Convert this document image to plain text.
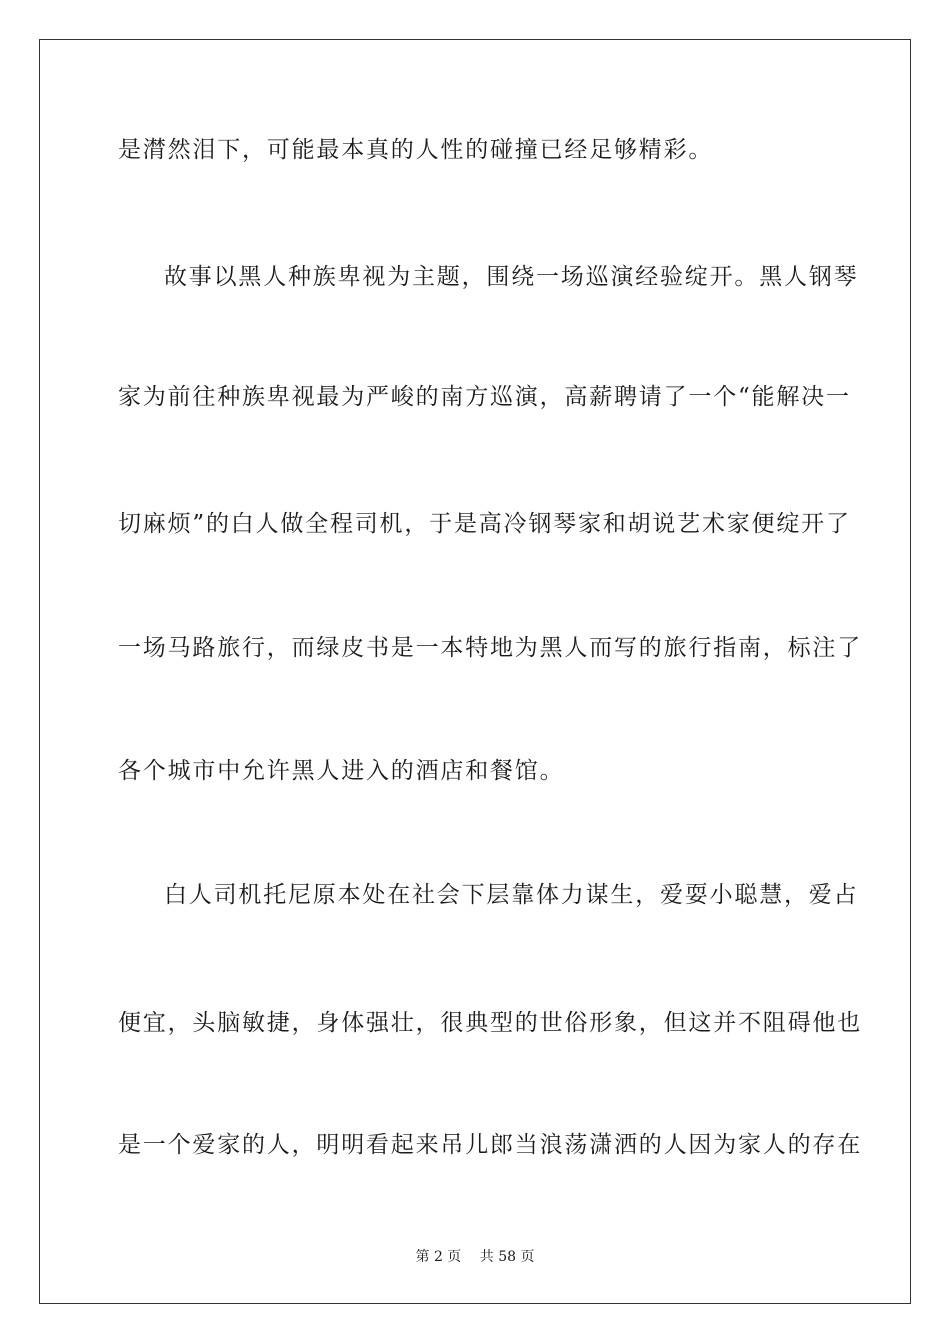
是潸然泪下，可能最本真的人性的碰撞已经足够精彩。
故事以黑人种族卑视为主题，围绕一场巡演经验绽开。黑人钢琴
家为前往种族卑视最为严峻的南方巡演，高薪聘请了一个“能解决一
切麻烦”的白人做全程司机，于是高冷钢琴家和胡说艺术家便绽开了
一场马路旅行，而绿皮书是一本特地为黑人而写的旅行指南，标注了
各个城市中允许黑人进入的酒店和餐馆。
白人司机托尼原本处在社会下层靠体力谋生，爱耍小聪慧，爱占
便宜，头脑敏捷，身体强壮，很典型的世俗形象，但这并不阻碍他也
是一个爱家的人，明明看起来吊儿郎当浪荡潇洒的人因为家人的存在
第 2 页　 共 58 页
